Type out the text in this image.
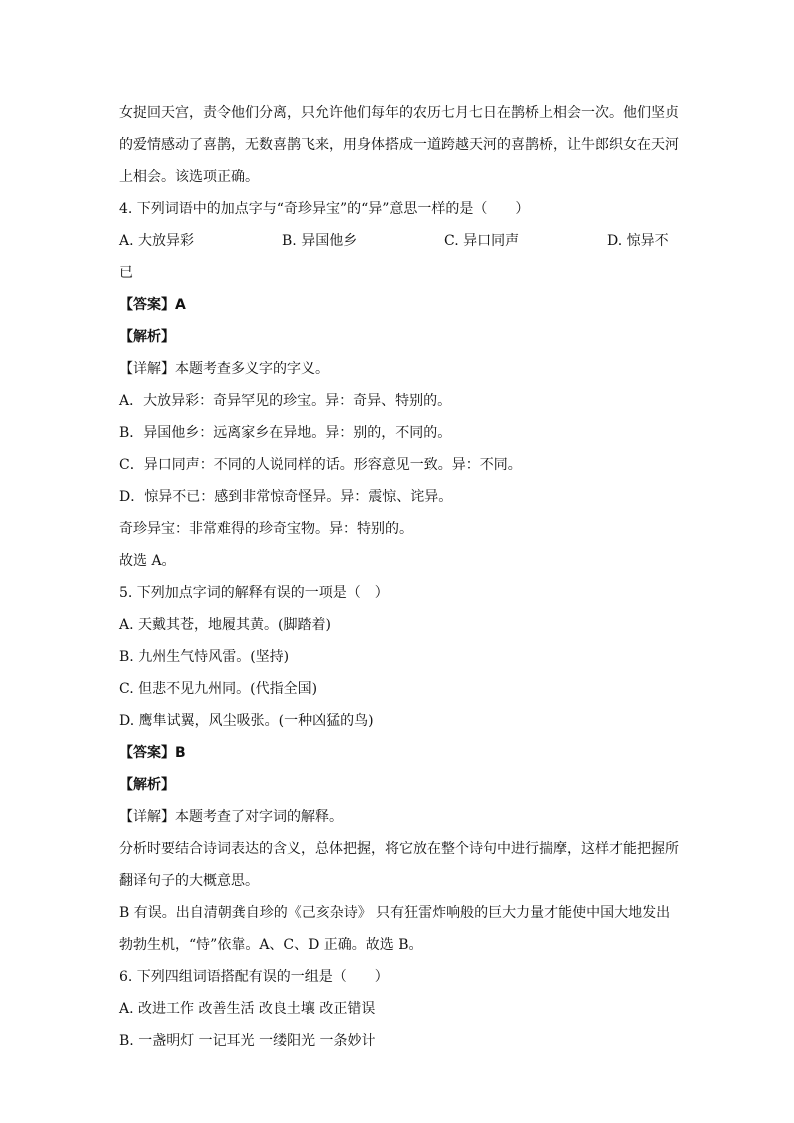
女捉回天宫，责令他们分离，只允许他们每年的农历七月七日在鹊桥上相会一次。他们坚贞
的爱情感动了喜鹊，无数喜鹊飞来，用身体搭成一道跨越天河的喜鹊桥，让牛郎织女在天河
上相会。该选项正确。
4. 下列词语中的加点字与“奇珍异宝”的“异”意思一样的是（　　）
A. 大放异彩	B. 异国他乡	C. 异口同声	D. 惊异不
已
【答案】A
【解析】
【详解】本题考查多义字的字义。
A．大放异彩：奇异罕见的珍宝。异：奇异、特别的。
B．异国他乡：远离家乡在异地。异：别的，不同的。
C．异口同声：不同的人说同样的话。形容意见一致。异：不同。
D．惊异不已：感到非常惊奇怪异。异：震惊、诧异。
奇珍异宝：非常难得的珍奇宝物。异：特别的。
故选 A。
5. 下列加点字词的解释有误的一项是（　）
A. 天戴其苍，地履其黄。(脚踏着)
B. 九州生气恃风雷。(坚持)
C. 但悲不见九州同。(代指全国)
D. 鹰隼试翼，风尘吸张。(一种凶猛的鸟)
【答案】B
【解析】
【详解】本题考查了对字词的解释。
分析时要结合诗词表达的含义，总体把握，将它放在整个诗句中进行揣摩，这样才能把握所
翻译句子的大概意思。
B 有误。出自清朝龚自珍的《己亥杂诗》 只有狂雷炸响般的巨大力量才能使中国大地发出
勃勃生机，“恃”依靠。A、C、D 正确。故选 B。
6. 下列四组词语搭配有误的一组是（　　）
A. 改进工作 改善生活 改良土壤 改正错误
B. 一盏明灯 一记耳光 一缕阳光 一条妙计
